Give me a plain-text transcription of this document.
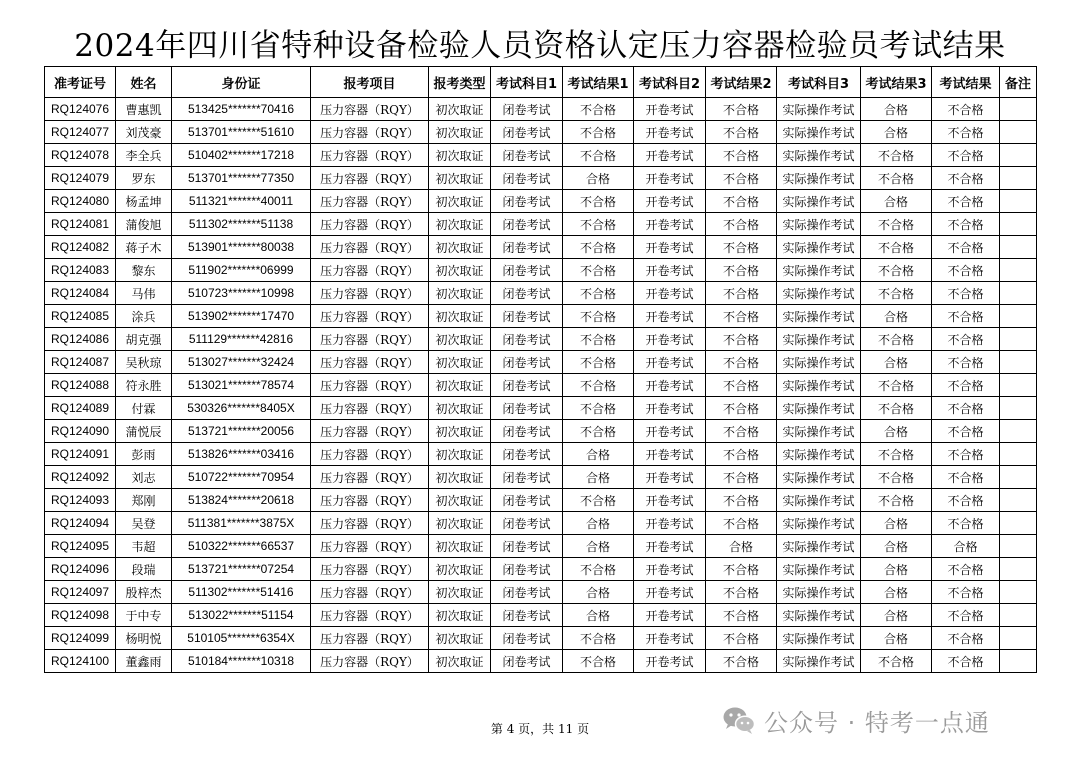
2024年四川省特种设备检验人员资格认定压力容器检验员考试结果
准考证号	姓名	身份证	报考项目	报考类型	考试科目1	考试结果1	考试科目2	考试结果2	考试科目3	考试结果3	考试结果	备注
RQ124076	曹惠凯	513425*******70416	压力容器（RQY）	初次取证	闭卷考试	不合格	开卷考试	不合格	实际操作考试	合格	不合格	
RQ124077	刘茂豪	513701*******51610	压力容器（RQY）	初次取证	闭卷考试	不合格	开卷考试	不合格	实际操作考试	合格	不合格	
RQ124078	李全兵	510402*******17218	压力容器（RQY）	初次取证	闭卷考试	不合格	开卷考试	不合格	实际操作考试	不合格	不合格	
RQ124079	罗东	513701*******77350	压力容器（RQY）	初次取证	闭卷考试	合格	开卷考试	不合格	实际操作考试	不合格	不合格	
RQ124080	杨孟坤	511321*******40011	压力容器（RQY）	初次取证	闭卷考试	不合格	开卷考试	不合格	实际操作考试	合格	不合格	
RQ124081	蒲俊旭	511302*******51138	压力容器（RQY）	初次取证	闭卷考试	不合格	开卷考试	不合格	实际操作考试	不合格	不合格	
RQ124082	蒋子木	513901*******80038	压力容器（RQY）	初次取证	闭卷考试	不合格	开卷考试	不合格	实际操作考试	不合格	不合格	
RQ124083	黎东	511902*******06999	压力容器（RQY）	初次取证	闭卷考试	不合格	开卷考试	不合格	实际操作考试	不合格	不合格	
RQ124084	马伟	510723*******10998	压力容器（RQY）	初次取证	闭卷考试	不合格	开卷考试	不合格	实际操作考试	不合格	不合格	
RQ124085	涂兵	513902*******17470	压力容器（RQY）	初次取证	闭卷考试	不合格	开卷考试	不合格	实际操作考试	合格	不合格	
RQ124086	胡克强	511129*******42816	压力容器（RQY）	初次取证	闭卷考试	不合格	开卷考试	不合格	实际操作考试	不合格	不合格	
RQ124087	吴秋琼	513027*******32424	压力容器（RQY）	初次取证	闭卷考试	不合格	开卷考试	不合格	实际操作考试	合格	不合格	
RQ124088	符永胜	513021*******78574	压力容器（RQY）	初次取证	闭卷考试	不合格	开卷考试	不合格	实际操作考试	不合格	不合格	
RQ124089	付霖	530326*******8405X	压力容器（RQY）	初次取证	闭卷考试	不合格	开卷考试	不合格	实际操作考试	不合格	不合格	
RQ124090	蒲悦辰	513721*******20056	压力容器（RQY）	初次取证	闭卷考试	不合格	开卷考试	不合格	实际操作考试	合格	不合格	
RQ124091	彭雨	513826*******03416	压力容器（RQY）	初次取证	闭卷考试	合格	开卷考试	不合格	实际操作考试	不合格	不合格	
RQ124092	刘志	510722*******70954	压力容器（RQY）	初次取证	闭卷考试	合格	开卷考试	不合格	实际操作考试	不合格	不合格	
RQ124093	郑刚	513824*******20618	压力容器（RQY）	初次取证	闭卷考试	不合格	开卷考试	不合格	实际操作考试	不合格	不合格	
RQ124094	吴登	511381*******3875X	压力容器（RQY）	初次取证	闭卷考试	合格	开卷考试	不合格	实际操作考试	合格	不合格	
RQ124095	韦超	510322*******66537	压力容器（RQY）	初次取证	闭卷考试	合格	开卷考试	合格	实际操作考试	合格	合格	
RQ124096	段瑞	513721*******07254	压力容器（RQY）	初次取证	闭卷考试	不合格	开卷考试	不合格	实际操作考试	合格	不合格	
RQ124097	殷梓杰	511302*******51416	压力容器（RQY）	初次取证	闭卷考试	合格	开卷考试	不合格	实际操作考试	合格	不合格	
RQ124098	于中专	513022*******51154	压力容器（RQY）	初次取证	闭卷考试	合格	开卷考试	不合格	实际操作考试	合格	不合格	
RQ124099	杨明悦	510105*******6354X	压力容器（RQY）	初次取证	闭卷考试	不合格	开卷考试	不合格	实际操作考试	合格	不合格	
RQ124100	董鑫雨	510184*******10318	压力容器（RQY）	初次取证	闭卷考试	不合格	开卷考试	不合格	实际操作考试	不合格	不合格	
第 4 页，共 11 页	公众号 · 特考一点通
